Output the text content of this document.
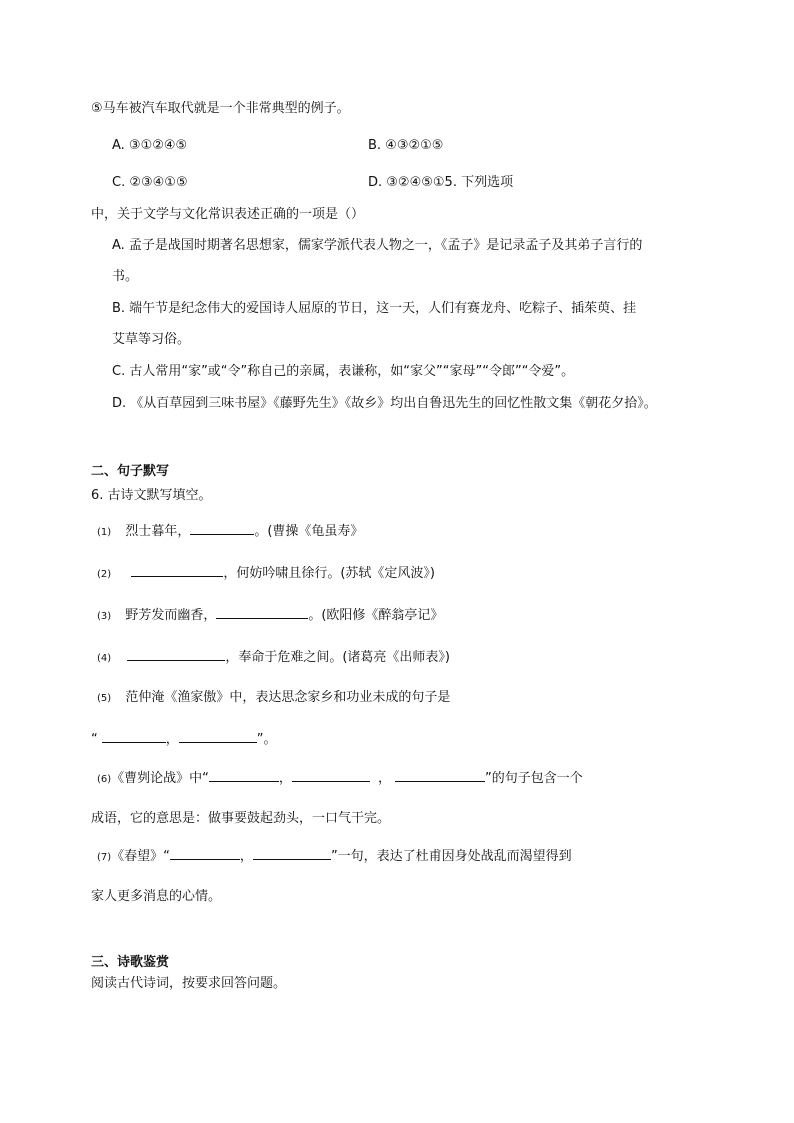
⑤马车被汽车取代就是一个非常典型的例子。
A. ③①②④⑤	B. ④③②①⑤
C. ②③④①⑤	D. ③②④⑤①5. 下列选项
中，关于文学与文化常识表述正确的一项是（）
A. 孟子是战国时期著名思想家，儒家学派代表人物之一，《孟子》是记录孟子及其弟子言行的
书。
B. 端午节是纪念伟大的爱国诗人屈原的节日，这一天，人们有赛龙舟、吃粽子、插茱萸、挂
艾草等习俗。
C. 古人常用“家”或“令”称自己的亲属，表谦称，如“家父”“家母”“令郎”“令爱”。
D. 《从百草园到三味书屋》《藤野先生》《故乡》均出自鲁迅先生的回忆性散文集《朝花夕拾》。
二、句子默写
6. 古诗文默写填空。
(1) 烈士暮年，	。(曹操《龟虽寿》
(2)	，何妨吟啸且徐行。(苏轼《定风波》)
(3) 野芳发而幽香，	。(欧阳修《醉翁亭记》
(4)	，奉命于危难之间。(诸葛亮《出师表》)
(5) 范仲淹《渔家傲》中，表达思念家乡和功业未成的句子是
“	，	”。
(6)《曹刿论战》中“	，	，	”的句子包含一个
成语，它的意思是：做事要鼓起劲头，一口气干完。
(7)《春望》“	，	”一句，表达了杜甫因身处战乱而渴望得到
家人更多消息的心情。
三、诗歌鉴赏
阅读古代诗词，按要求回答问题。
